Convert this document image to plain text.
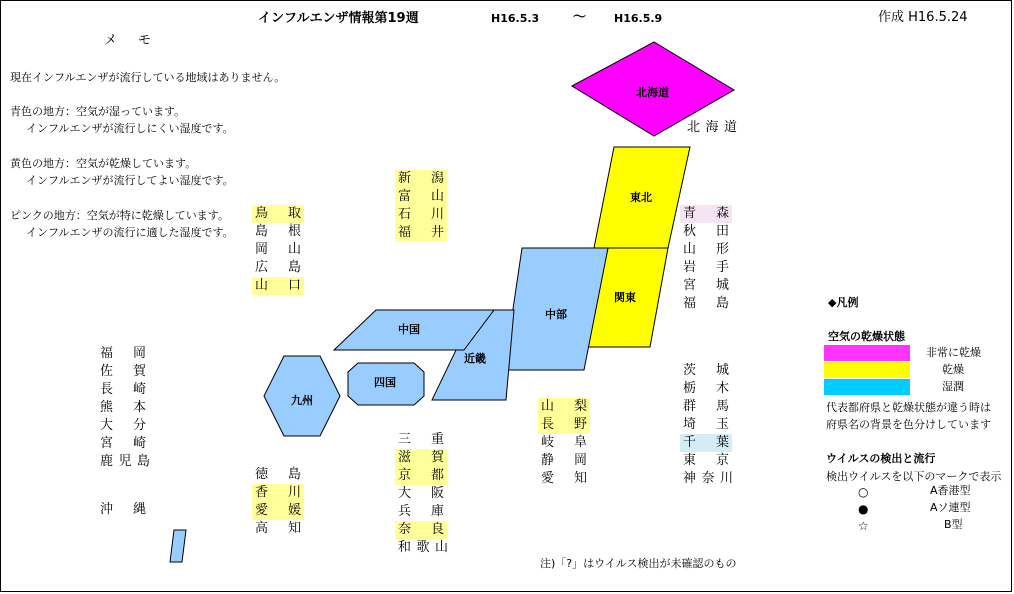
インフルエンザ情報第19週	H16.5.3	～	H16.5.9	作成 H16.5.24
メ　モ
現在インフルエンザが流行している地域はありません。
青色の地方：空気が湿っています。
インフルエンザが流行しにくい湿度です。
黄色の地方：空気が乾燥しています。
インフルエンザが流行してよい湿度です。
ピンクの地方：空気が特に乾燥しています。
インフルエンザの流行に適した湿度です。
北海道
東北
関東
中部
近畿
中国
四国
九州
北 海 道
青 森
秋 田
山 形
岩 手
宮 城
福 島
茨 城
栃 木
群 馬
埼 玉
千 葉
東 京
神 奈 川
新 潟
富 山
石 川
福 井
山 梨
長 野
岐 阜
静 岡
愛 知
鳥 取
島 根
岡 山
広 島
山 口
三 重
滋 賀
京 都
大 阪
兵 庫
奈 良
和 歌 山
徳 島
香 川
愛 媛
高 知
福 岡
佐 賀
長 崎
熊 本
大 分
宮 崎
鹿 児 島
沖 縄
◆凡例
空気の乾燥状態
非常に乾燥
乾燥
湿潤
代表都府県と乾燥状態が違う時は
府県名の背景を色分けしています
ウイルスの検出と流行
検出ウイルスを以下のマークで表示
○	A香港型
●	Aソ連型
☆	B型
注)「?」はウイルス検出が未確認のもの
